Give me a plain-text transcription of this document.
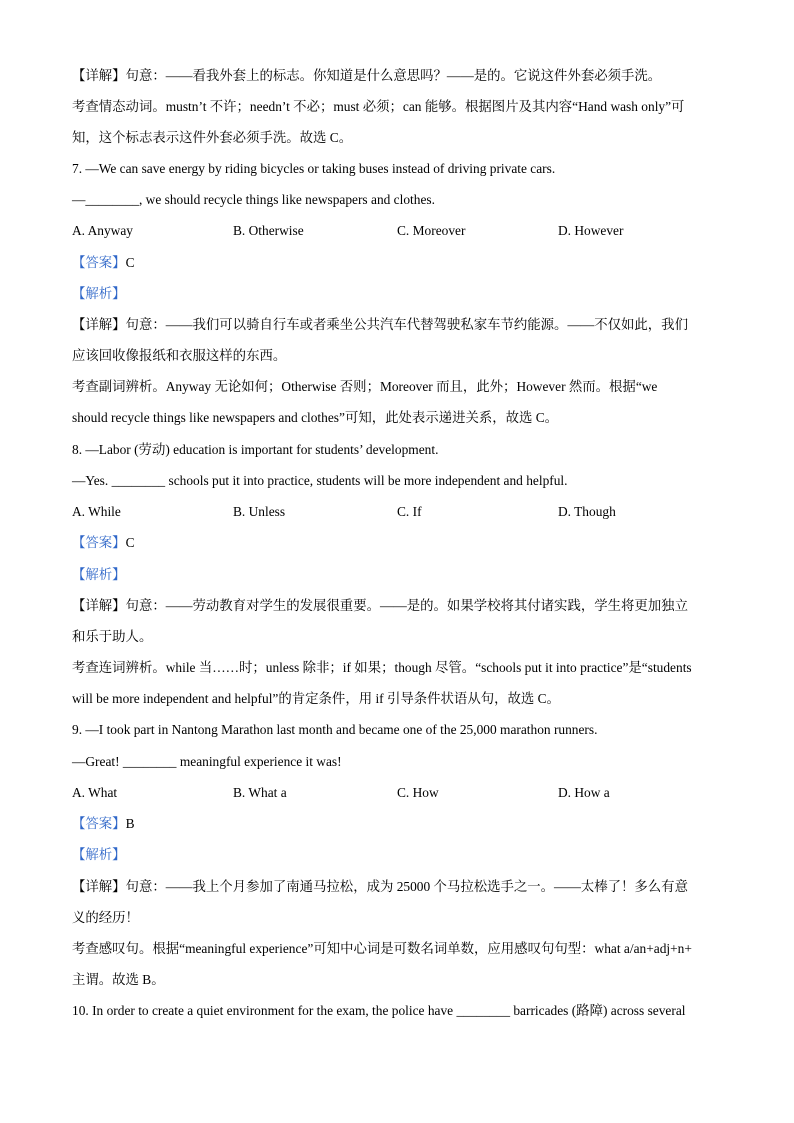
【详解】句意：——看我外套上的标志。你知道是什么意思吗？——是的。它说这件外套必须手洗。
考查情态动词。mustn’t 不许；needn’t 不必；must 必须；can 能够。根据图片及其内容“Hand wash only”可
知，这个标志表示这件外套必须手洗。故选 C。
7. —We can save energy by riding bicycles or taking buses instead of driving private cars.
—________, we should recycle things like newspapers and clothes.
A. Anyway	B. Otherwise	C. Moreover	D. However
【答案】C
【解析】
【详解】句意：——我们可以骑自行车或者乘坐公共汽车代替驾驶私家车节约能源。——不仅如此，我们
应该回收像报纸和衣服这样的东西。
考查副词辨析。Anyway 无论如何；Otherwise 否则；Moreover 而且，此外；However 然而。根据“we
should recycle things like newspapers and clothes”可知，此处表示递进关系，故选 C。
8. —Labor (劳动) education is important for students’ development.
—Yes. ________ schools put it into practice, students will be more independent and helpful.
A. While	B. Unless	C. If	D. Though
【答案】C
【解析】
【详解】句意：——劳动教育对学生的发展很重要。——是的。如果学校将其付诸实践，学生将更加独立
和乐于助人。
考查连词辨析。while 当……时；unless 除非；if 如果；though 尽管。“schools put it into practice”是“students
will be more independent and helpful”的肯定条件，用 if 引导条件状语从句，故选 C。
9. —I took part in Nantong Marathon last month and became one of the 25,000 marathon runners.
—Great! ________ meaningful experience it was!
A. What	B. What a	C. How	D. How a
【答案】B
【解析】
【详解】句意：——我上个月参加了南通马拉松，成为 25000 个马拉松选手之一。——太棒了！多么有意
义的经历！
考查感叹句。根据“meaningful experience”可知中心词是可数名词单数，应用感叹句句型：what a/an+adj+n+
主谓。故选 B。
10. In order to create a quiet environment for the exam, the police have ________ barricades (路障) across several
